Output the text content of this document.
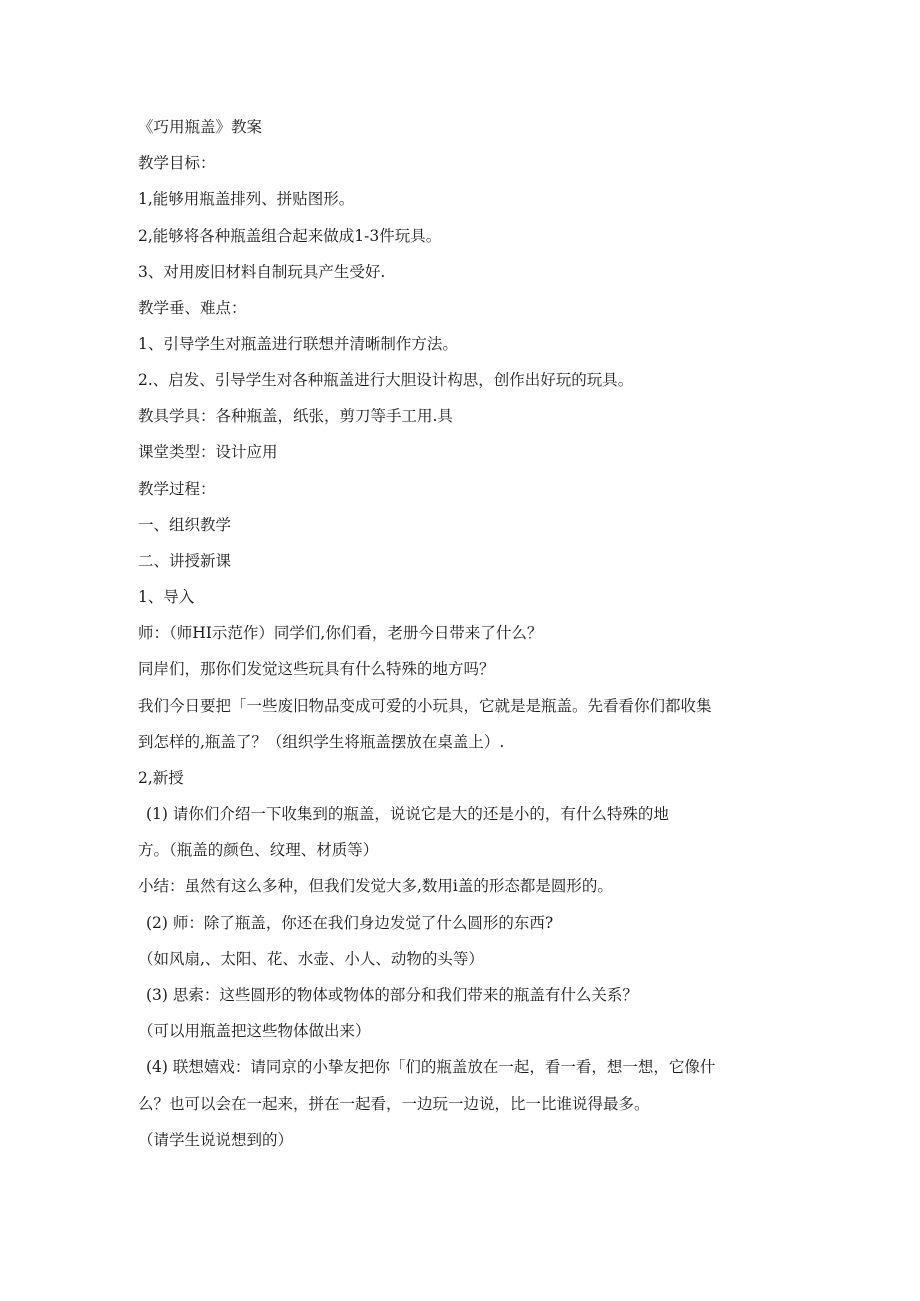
《巧用瓶盖》教案
教学目标：
1,能够用瓶盖排列、拼贴图形。
2,能够将各种瓶盖组合起来做成1-3件玩具。
3、对用废旧材料自制玩具产生受好.
教学垂、难点：
1、引导学生对瓶盖进行联想并清晰制作方法。
2.、启发、引导学生对各种瓶盖进行大胆设计构思，创作出好玩的玩具。
教具学具：各种瓶盖，纸张，剪刀等手工用.具
课堂类型：设计应用
教学过程：
一、组织教学
二、讲授新课
1、导入
师：（师HI示范作）同学们,你们看，老册今日带来了什么？
同岸们，那你们发觉这些玩具有什么特殊的地方吗？
我们今日要把「一些废旧物品变成可爱的小玩具，它就是是瓶盖。先看看你们都收集
到怎样的,瓶盖了？（组织学生将瓶盖摆放在桌盖上）.
2,新授
(1) 请你们介绍一下收集到的瓶盖，说说它是大的还是小的，有什么特殊的地
方。（瓶盖的颜色、纹理、材质等）
小结：虽然有这么多种，但我们发觉大多,数用i盖的形态都是圆形的。
(2) 师：除了瓶盖，你还在我们身边发觉了什么圆形的东西?
（如风扇,、太阳、花、水壶、小人、动物的头等）
(3) 思索：这些圆形的物体或物体的部分和我们带来的瓶盖有什么关系？
（可以用瓶盖把这些物体做出来）
(4) 联想嬉戏：请同京的小挚友把你「们的瓶盖放在一起，看一看，想一想，它像什
么？也可以会在一起来，拼在一起看，一边玩一边说，比一比谁说得最多。
（请学生说说想到的）
